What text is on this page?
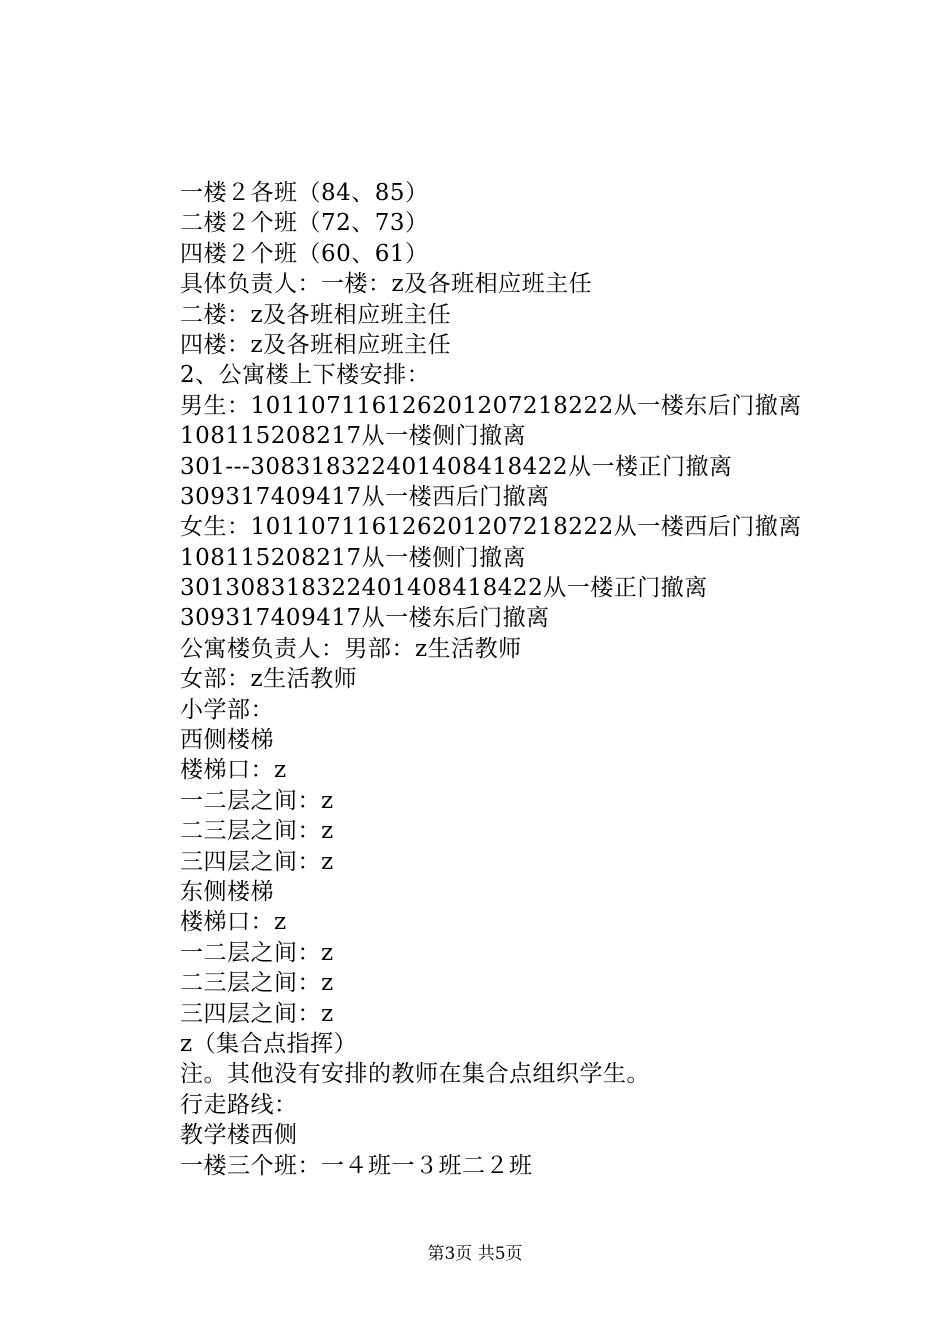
一楼２各班（84、85）
二楼２个班（72、73）
四楼２个班（60、61）
具体负责人：一楼：z及各班相应班主任
二楼：z及各班相应班主任
四楼：z及各班相应班主任
2、公寓楼上下楼安排：
男生：1011071161262012072182​22从一楼东后门撤离
108115208217从一楼侧门撤离
301---30831832240140841842​2从一楼正门撤离
309317409417从一楼西后门撤离
女生：1011071161262012072182​22从一楼西后门撤离
108115208217从一楼侧门撤离
30130831832240140841842​2从一楼正门撤离
309317409417从一楼东后门撤离
公寓楼负责人：男部：z生活教师
女部：z生活教师
小学部：
西侧楼梯
楼梯口：z
一二层之间：z
二三层之间：z
三四层之间：z
东侧楼梯
楼梯口：z
一二层之间：z
二三层之间：z
三四层之间：z
z（集合点指挥）
注。其他没有安排的教师在集合点组织学生。
行走路线：
教学楼西侧
一楼三个班：一４班一３班二２班
第3页 共5页
